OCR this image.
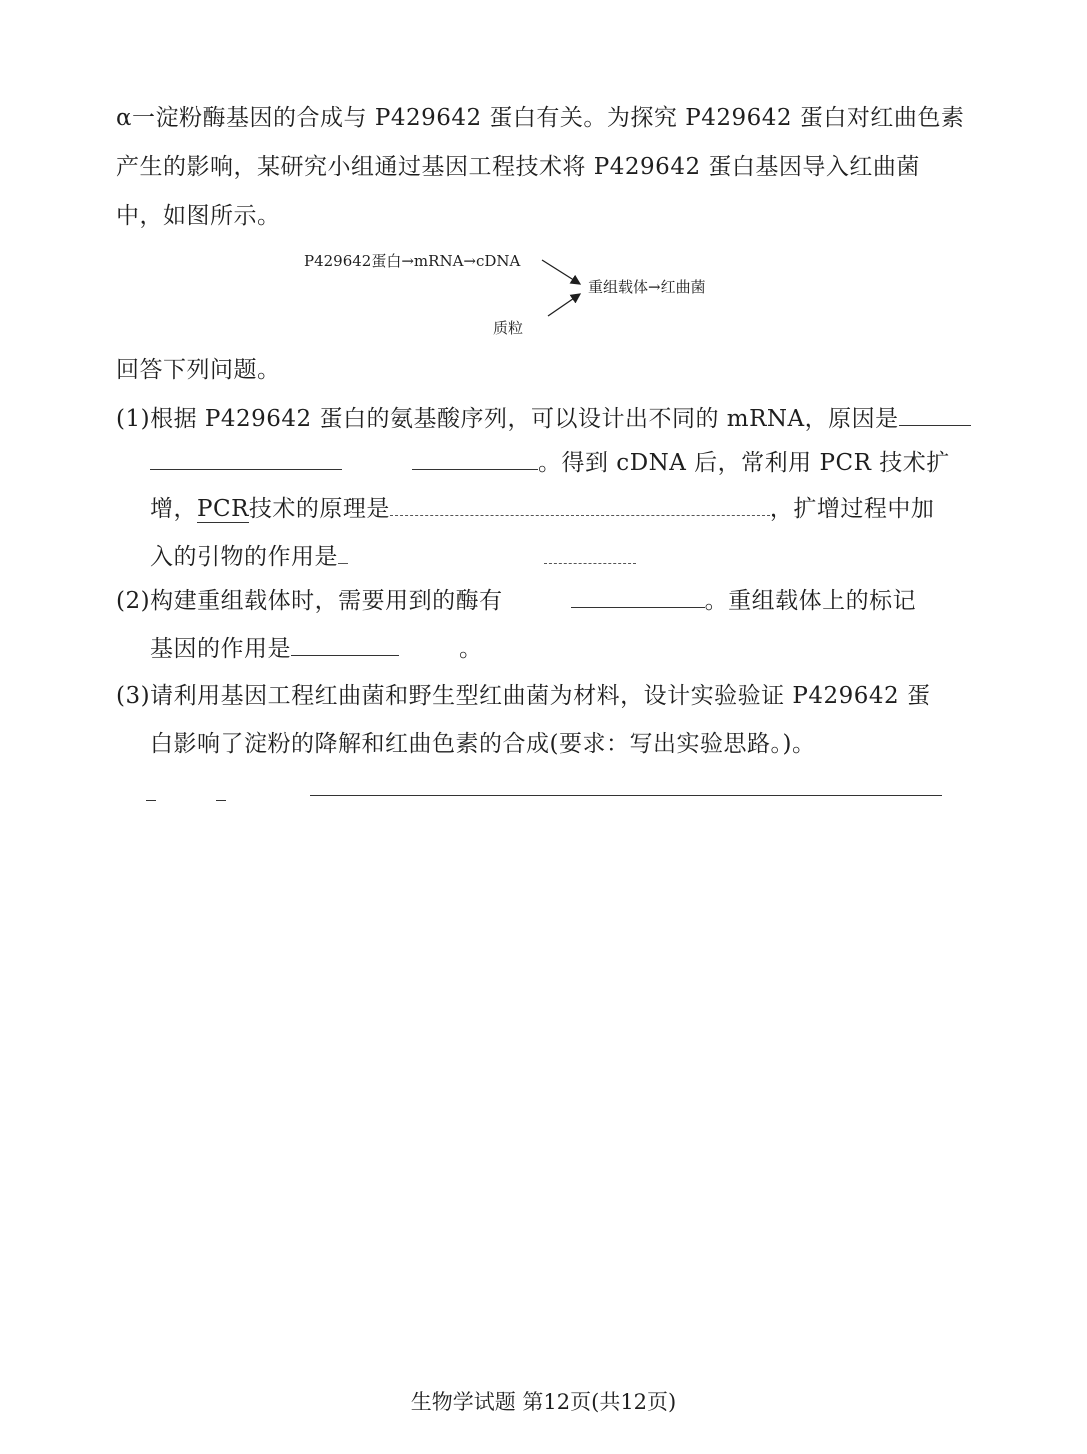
α一淀粉酶基因的合成与 P429642 蛋白有关。为探究 P429642 蛋白对红曲色素
产生的影响，某研究小组通过基因工程技术将 P429642 蛋白基因导入红曲菌
中，如图所示。
P429642蛋白→mRNA→cDNA
重组载体→红曲菌
质粒
回答下列问题。
(1)根据 P429642 蛋白的氨基酸序列，可以设计出不同的 mRNA，原因是
。得到 cDNA 后，常利用 PCR 技术扩
增，PCR技术的原理是	，扩增过程中加
入的引物的作用是
(2)构建重组载体时，需要用到的酶有	。重组载体上的标记
基因的作用是	。
(3)请利用基因工程红曲菌和野生型红曲菌为材料，设计实验验证 P429642 蛋
白影响了淀粉的降解和红曲色素的合成(要求：写出实验思路。)。
生物学试题 第12页(共12页)
